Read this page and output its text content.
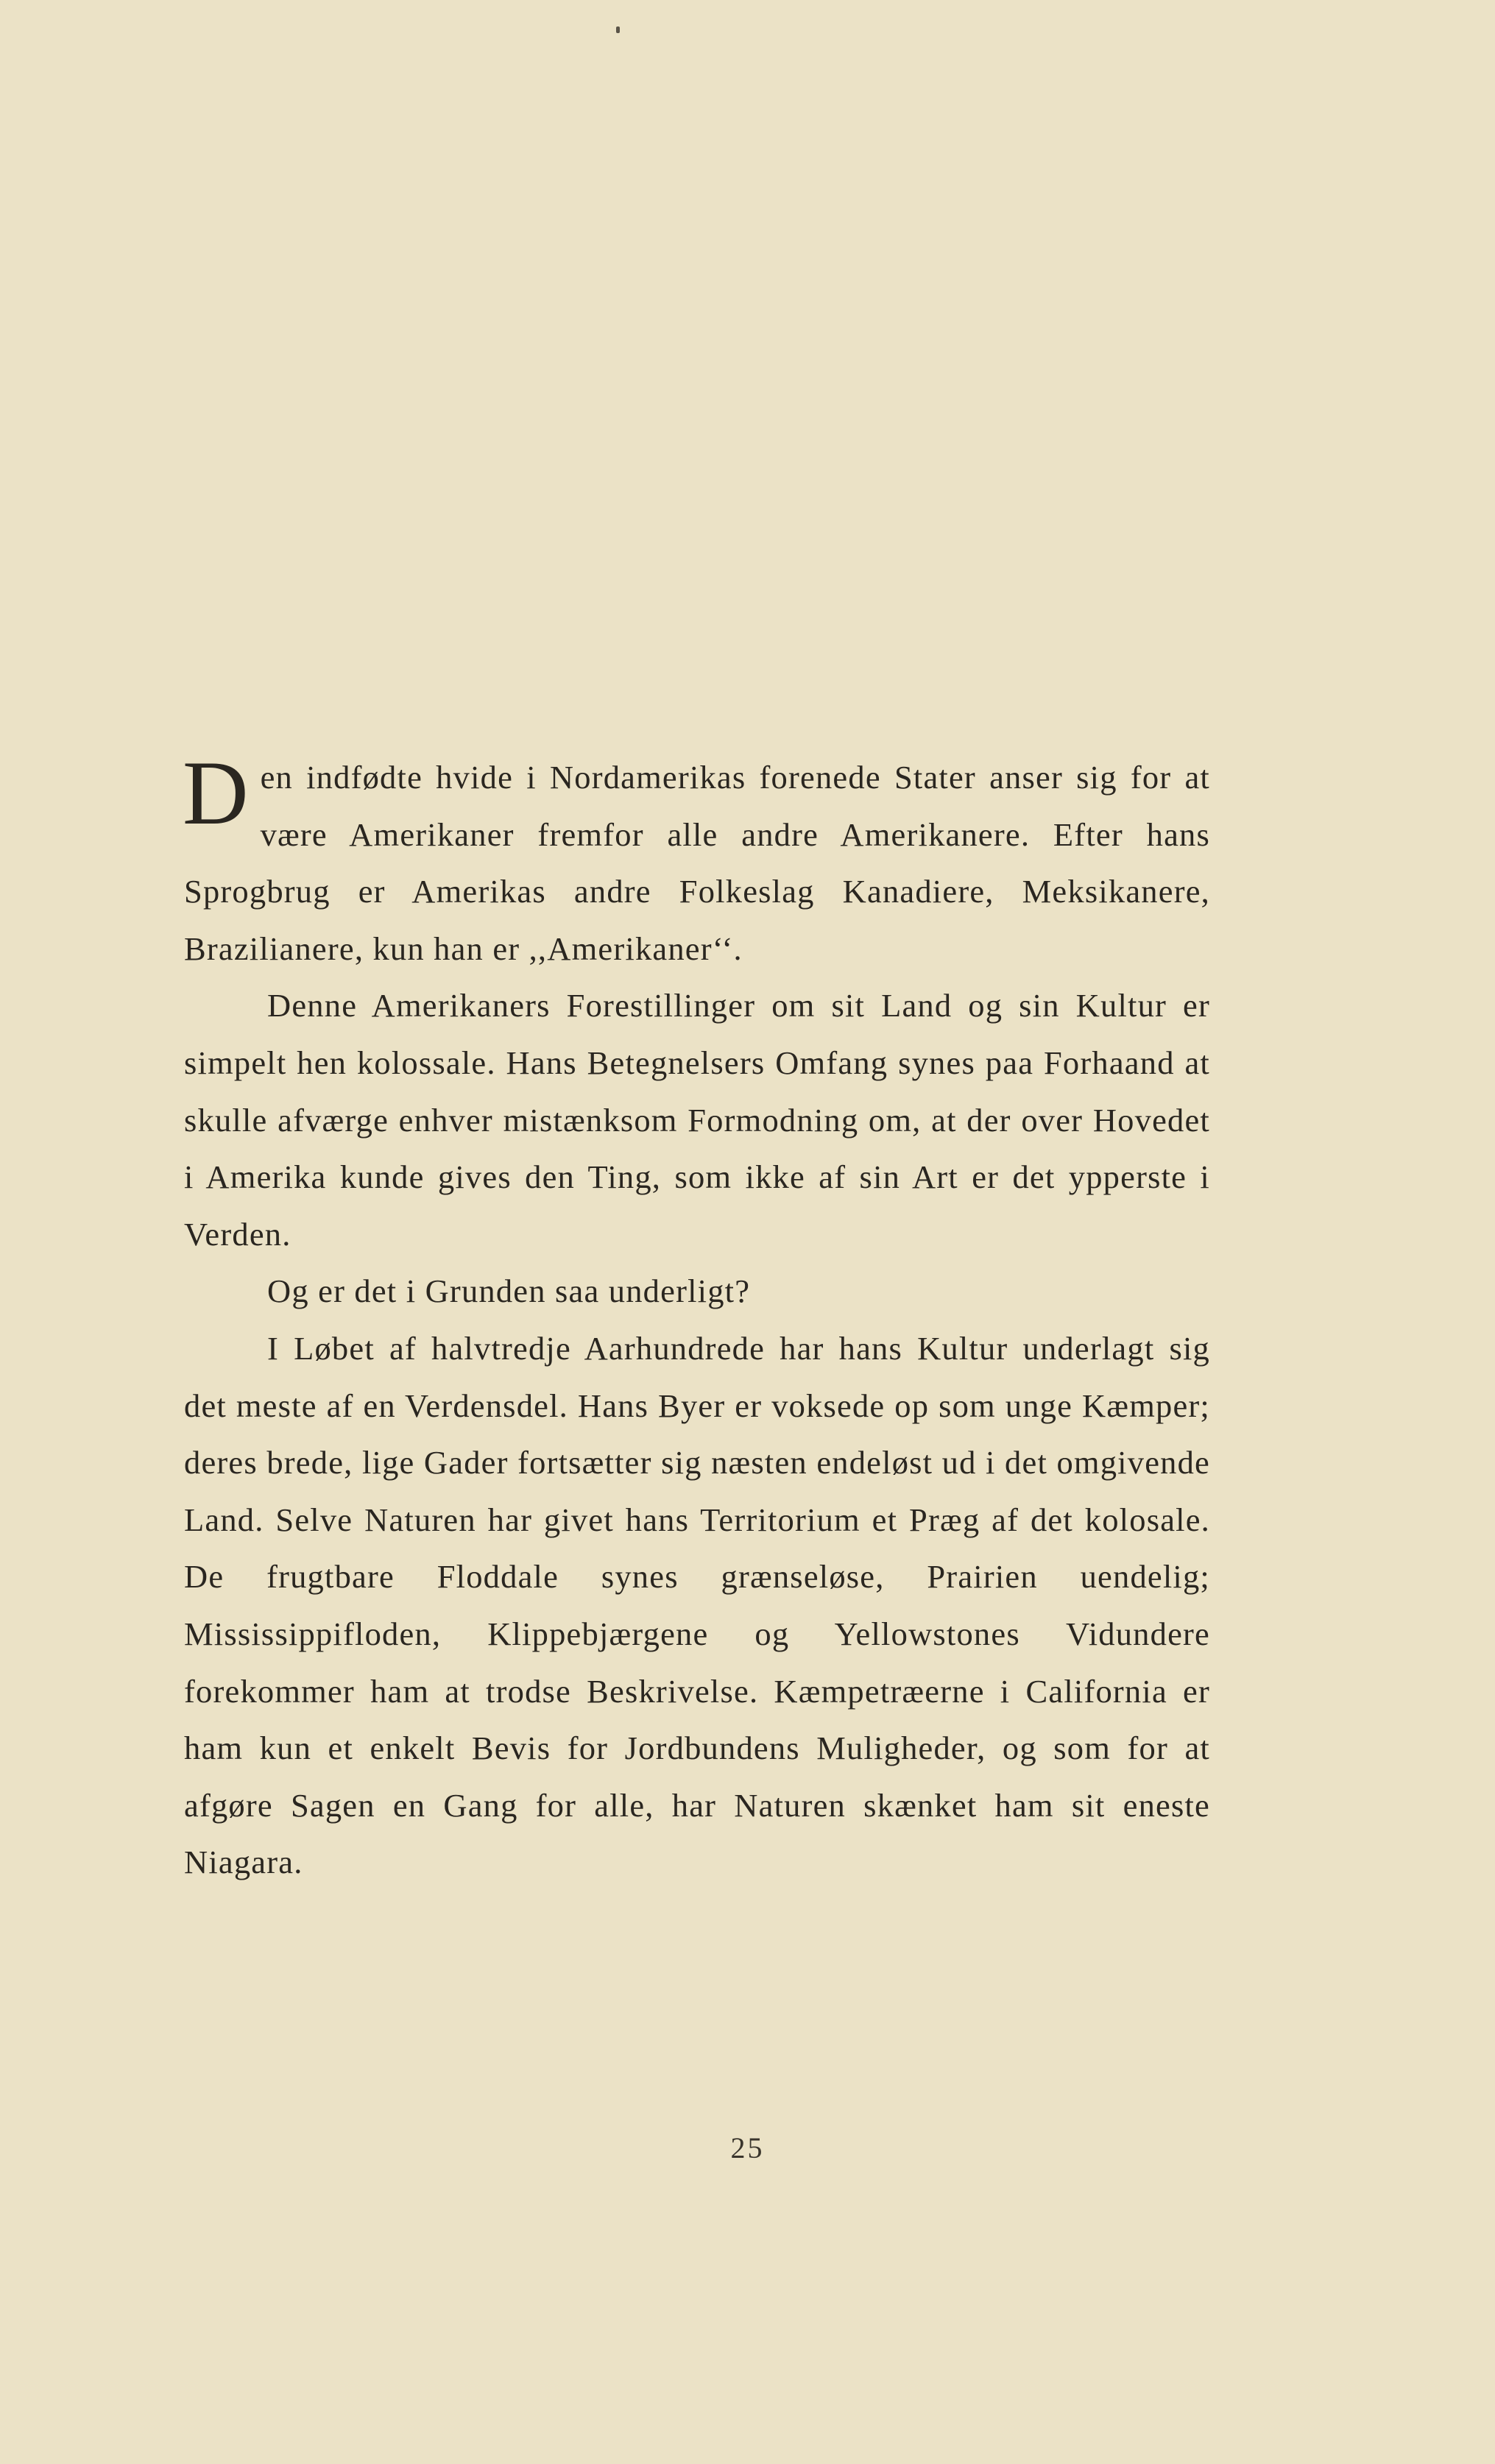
Den indfødte hvide i Nordamerikas forenede Stater anser sig for at være Amerikaner fremfor alle andre Amerikanere. Efter hans Sprogbrug er Amerikas andre Folkeslag Kanadiere, Meksikanere, Brazilianere, kun han er ,,Amerikaner‘‘.

Denne Amerikaners Forestillinger om sit Land og sin Kultur er simpelt hen kolossale. Hans Betegnelsers Omfang synes paa Forhaand at skulle afværge enhver mistænksom Formodning om, at der over Hovedet i Amerika kunde gives den Ting, som ikke af sin Art er det ypperste i Verden.

Og er det i Grunden saa underligt?

I Løbet af halvtredje Aarhundrede har hans Kultur underlagt sig det meste af en Verdensdel. Hans Byer er voksede op som unge Kæmper; deres brede, lige Gader fortsætter sig næsten endeløst ud i det omgivende Land. Selve Naturen har givet hans Territorium et Præg af det kolosale. De frugtbare Floddale synes grænseløse, Prairien uendelig; Mississippifloden, Klippebjærgene og Yellowstones Vidundere forekommer ham at trodse Beskrivelse. Kæmpetræerne i California er ham kun et enkelt Bevis for Jordbundens Muligheder, og som for at afgøre Sagen en Gang for alle, har Naturen skænket ham sit eneste Niagara.

25
